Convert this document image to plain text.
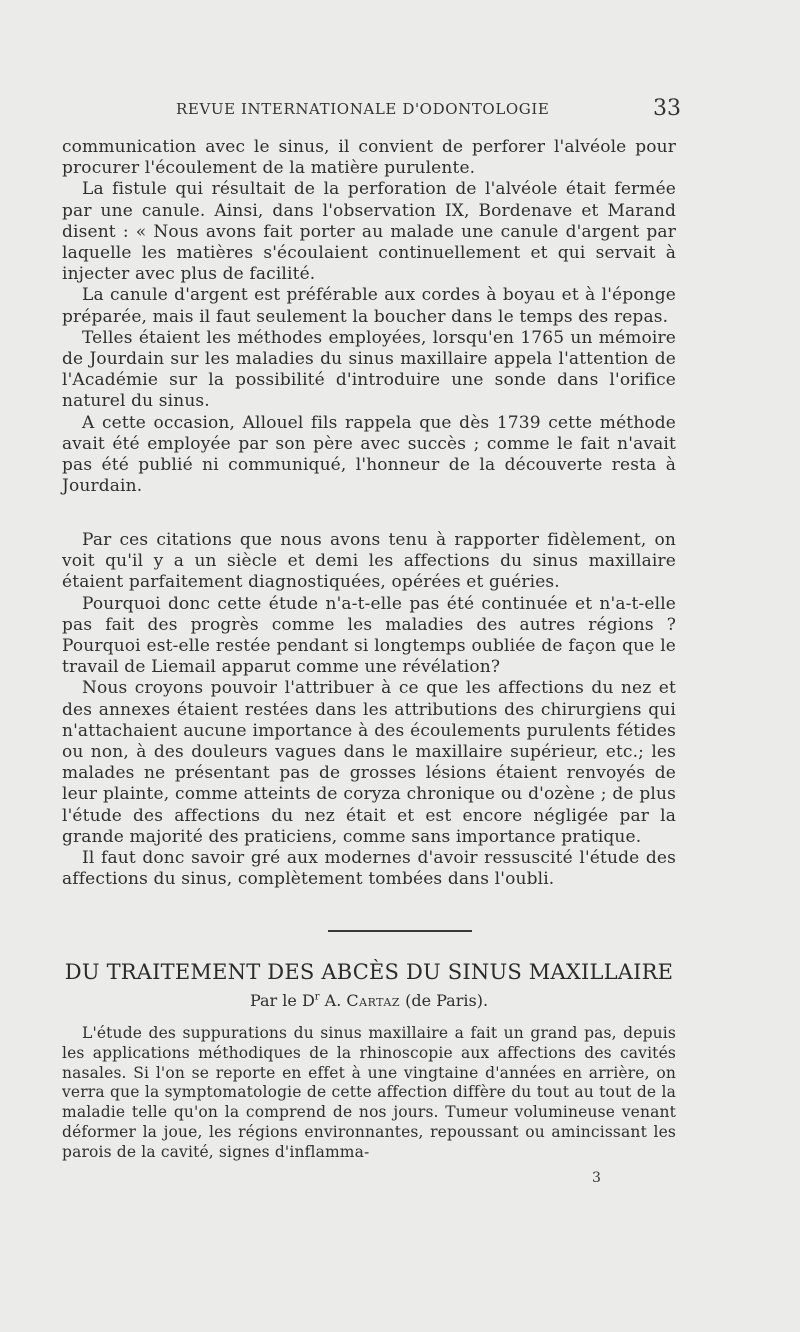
REVUE INTERNATIONALE D'ODONTOLOGIE	33

communication avec le sinus, il convient de perforer l'alvéole pour procurer l'écoulement de la matière purulente.

La fistule qui résultait de la perforation de l'alvéole était fermée par une canule. Ainsi, dans l'observation IX, Bordenave et Marand disent : « Nous avons fait porter au malade une canule d'argent par laquelle les matières s'écoulaient continuellement et qui servait à injecter avec plus de facilité.

La canule d'argent est préférable aux cordes à boyau et à l'éponge préparée, mais il faut seulement la boucher dans le temps des repas.

Telles étaient les méthodes employées, lorsqu'en 1765 un mémoire de Jourdain sur les maladies du sinus maxillaire appela l'attention de l'Académie sur la possibilité d'introduire une sonde dans l'orifice naturel du sinus.

A cette occasion, Allouel fils rappela que dès 1739 cette méthode avait été employée par son père avec succès ; comme le fait n'avait pas été publié ni communiqué, l'honneur de la découverte resta à Jourdain.

Par ces citations que nous avons tenu à rapporter fidèlement, on voit qu'il y a un siècle et demi les affections du sinus maxillaire étaient parfaitement diagnostiquées, opérées et guéries.

Pourquoi donc cette étude n'a-t-elle pas été continuée et n'a-t-elle pas fait des progrès comme les maladies des autres régions ? Pourquoi est-elle restée pendant si longtemps oubliée de façon que le travail de Liemail apparut comme une révélation?

Nous croyons pouvoir l'attribuer à ce que les affections du nez et des annexes étaient restées dans les attributions des chirurgiens qui n'attachaient aucune importance à des écoulements purulents fétides ou non, à des douleurs vagues dans le maxillaire supérieur, etc.; les malades ne présentant pas de grosses lésions étaient renvoyés de leur plainte, comme atteints de coryza chronique ou d'ozène ; de plus l'étude des affections du nez était et est encore négligée par la grande majorité des praticiens, comme sans importance pratique.

Il faut donc savoir gré aux modernes d'avoir ressuscité l'étude des affections du sinus, complètement tombées dans l'oubli.

DU TRAITEMENT DES ABCÈS DU SINUS MAXILLAIRE
Par le $D^r$ A. Cartaz (de Paris).

L'étude des suppurations du sinus maxillaire a fait un grand pas, depuis les applications méthodiques de la rhinoscopie aux affections des cavités nasales. Si l'on se reporte en effet à une vingtaine d'années en arrière, on verra que la symptomatologie de cette affection diffère du tout au tout de la maladie telle qu'on la comprend de nos jours. Tumeur volumineuse venant déformer la joue, les régions environnantes, repoussant ou amincissant les parois de la cavité, signes d'inflamma-

3
